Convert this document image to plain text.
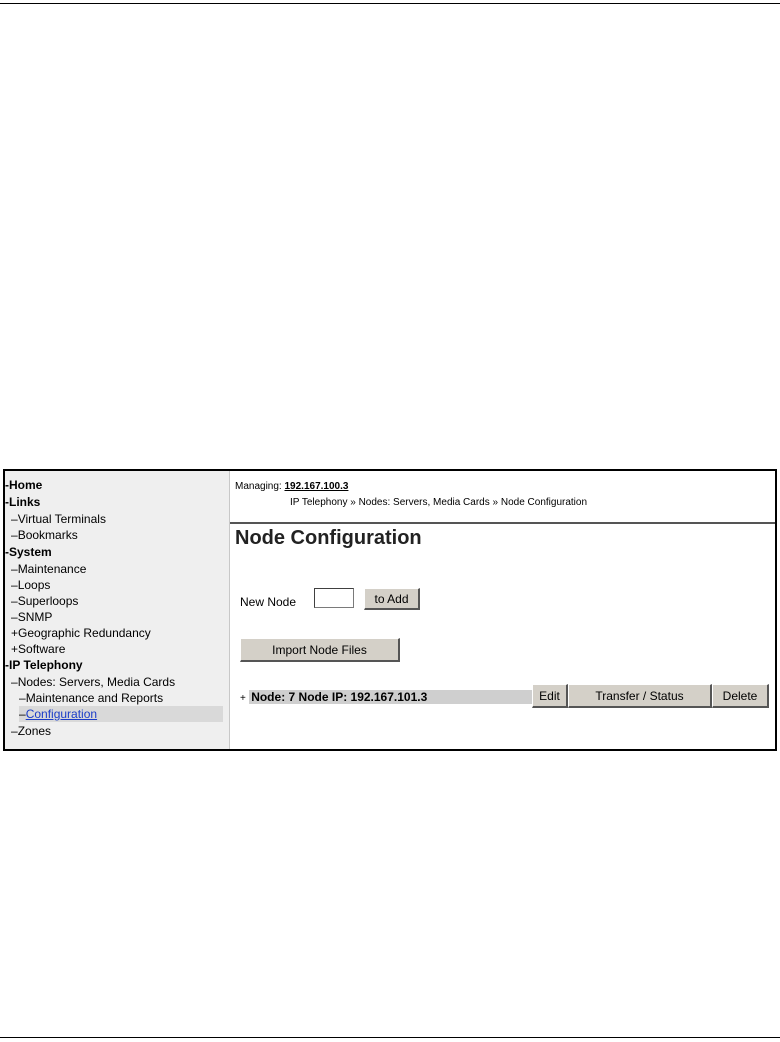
-Home
-Links
–Virtual Terminals
–Bookmarks
-System
–Maintenance
–Loops
–Superloops
–SNMP
+Geographic Redundancy
+Software
-IP Telephony
–Nodes: Servers, Media Cards
–Maintenance and Reports
–Configuration
–Zones
Managing: 192.167.100.3
IP Telephony » Nodes: Servers, Media Cards » Node Configuration
Node Configuration
New Node	to Add
Import Node Files
+ Node: 7 Node IP: 192.167.101.3	Edit	Transfer / Status	Delete
